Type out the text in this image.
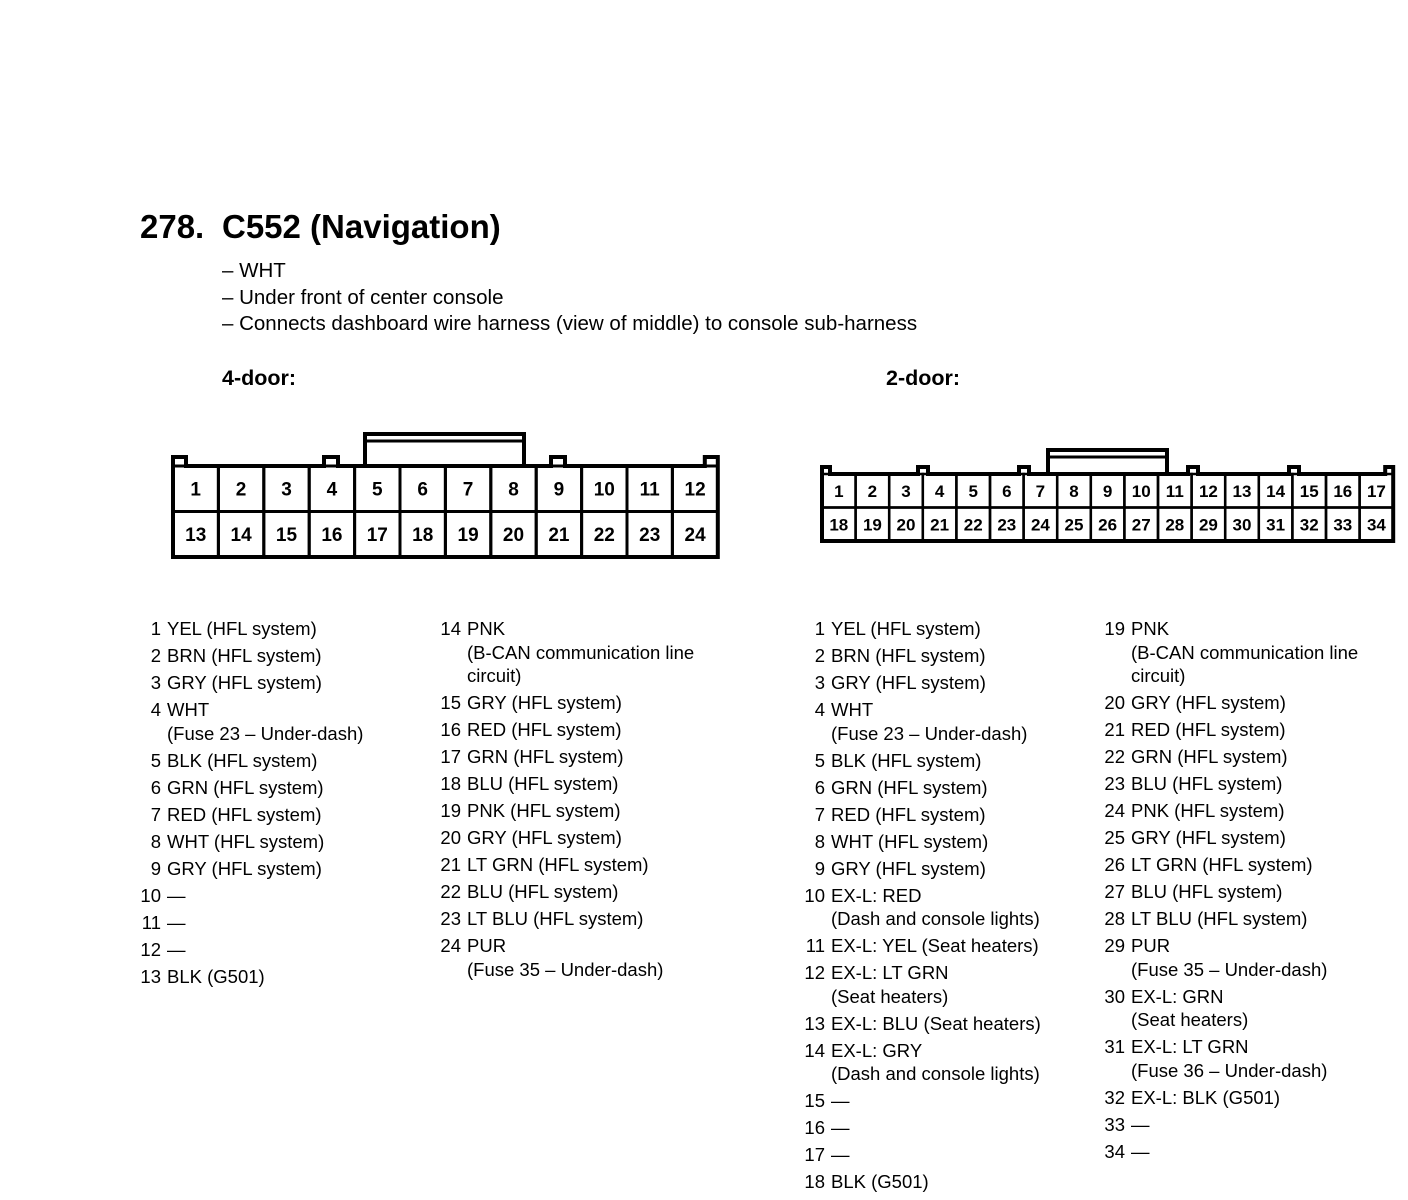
278. C552 (Navigation)
– WHT
– Under front of center console
– Connects dashboard wire harness (view of middle) to console sub-harness
4-door:	2-door:
1 2 3 4 5 6 7 8 9 10 11 12
13 14 15 16 17 18 19 20 21 22 23 24
1 2 3 4 5 6 7 8 9 10 11 12 13 14 15 16 17
18 19 20 21 22 23 24 25 26 27 28 29 30 31 32 33 34
1 YEL (HFL system)
2 BRN (HFL system)
3 GRY (HFL system)
4 WHT
(Fuse 23 – Under-dash)
5 BLK (HFL system)
6 GRN (HFL system)
7 RED (HFL system)
8 WHT (HFL system)
9 GRY (HFL system)
10 —
11 —
12 —
13 BLK (G501)
14 PNK
(B-CAN communication line
circuit)
15 GRY (HFL system)
16 RED (HFL system)
17 GRN (HFL system)
18 BLU (HFL system)
19 PNK (HFL system)
20 GRY (HFL system)
21 LT GRN (HFL system)
22 BLU (HFL system)
23 LT BLU (HFL system)
24 PUR
(Fuse 35 – Under-dash)
1 YEL (HFL system)
2 BRN (HFL system)
3 GRY (HFL system)
4 WHT
(Fuse 23 – Under-dash)
5 BLK (HFL system)
6 GRN (HFL system)
7 RED (HFL system)
8 WHT (HFL system)
9 GRY (HFL system)
10 EX-L: RED
(Dash and console lights)
11 EX-L: YEL (Seat heaters)
12 EX-L: LT GRN
(Seat heaters)
13 EX-L: BLU (Seat heaters)
14 EX-L: GRY
(Dash and console lights)
15 —
16 —
17 —
18 BLK (G501)
19 PNK
(B-CAN communication line
circuit)
20 GRY (HFL system)
21 RED (HFL system)
22 GRN (HFL system)
23 BLU (HFL system)
24 PNK (HFL system)
25 GRY (HFL system)
26 LT GRN (HFL system)
27 BLU (HFL system)
28 LT BLU (HFL system)
29 PUR
(Fuse 35 – Under-dash)
30 EX-L: GRN
(Seat heaters)
31 EX-L: LT GRN
(Fuse 36 – Under-dash)
32 EX-L: BLK (G501)
33 —
34 —
